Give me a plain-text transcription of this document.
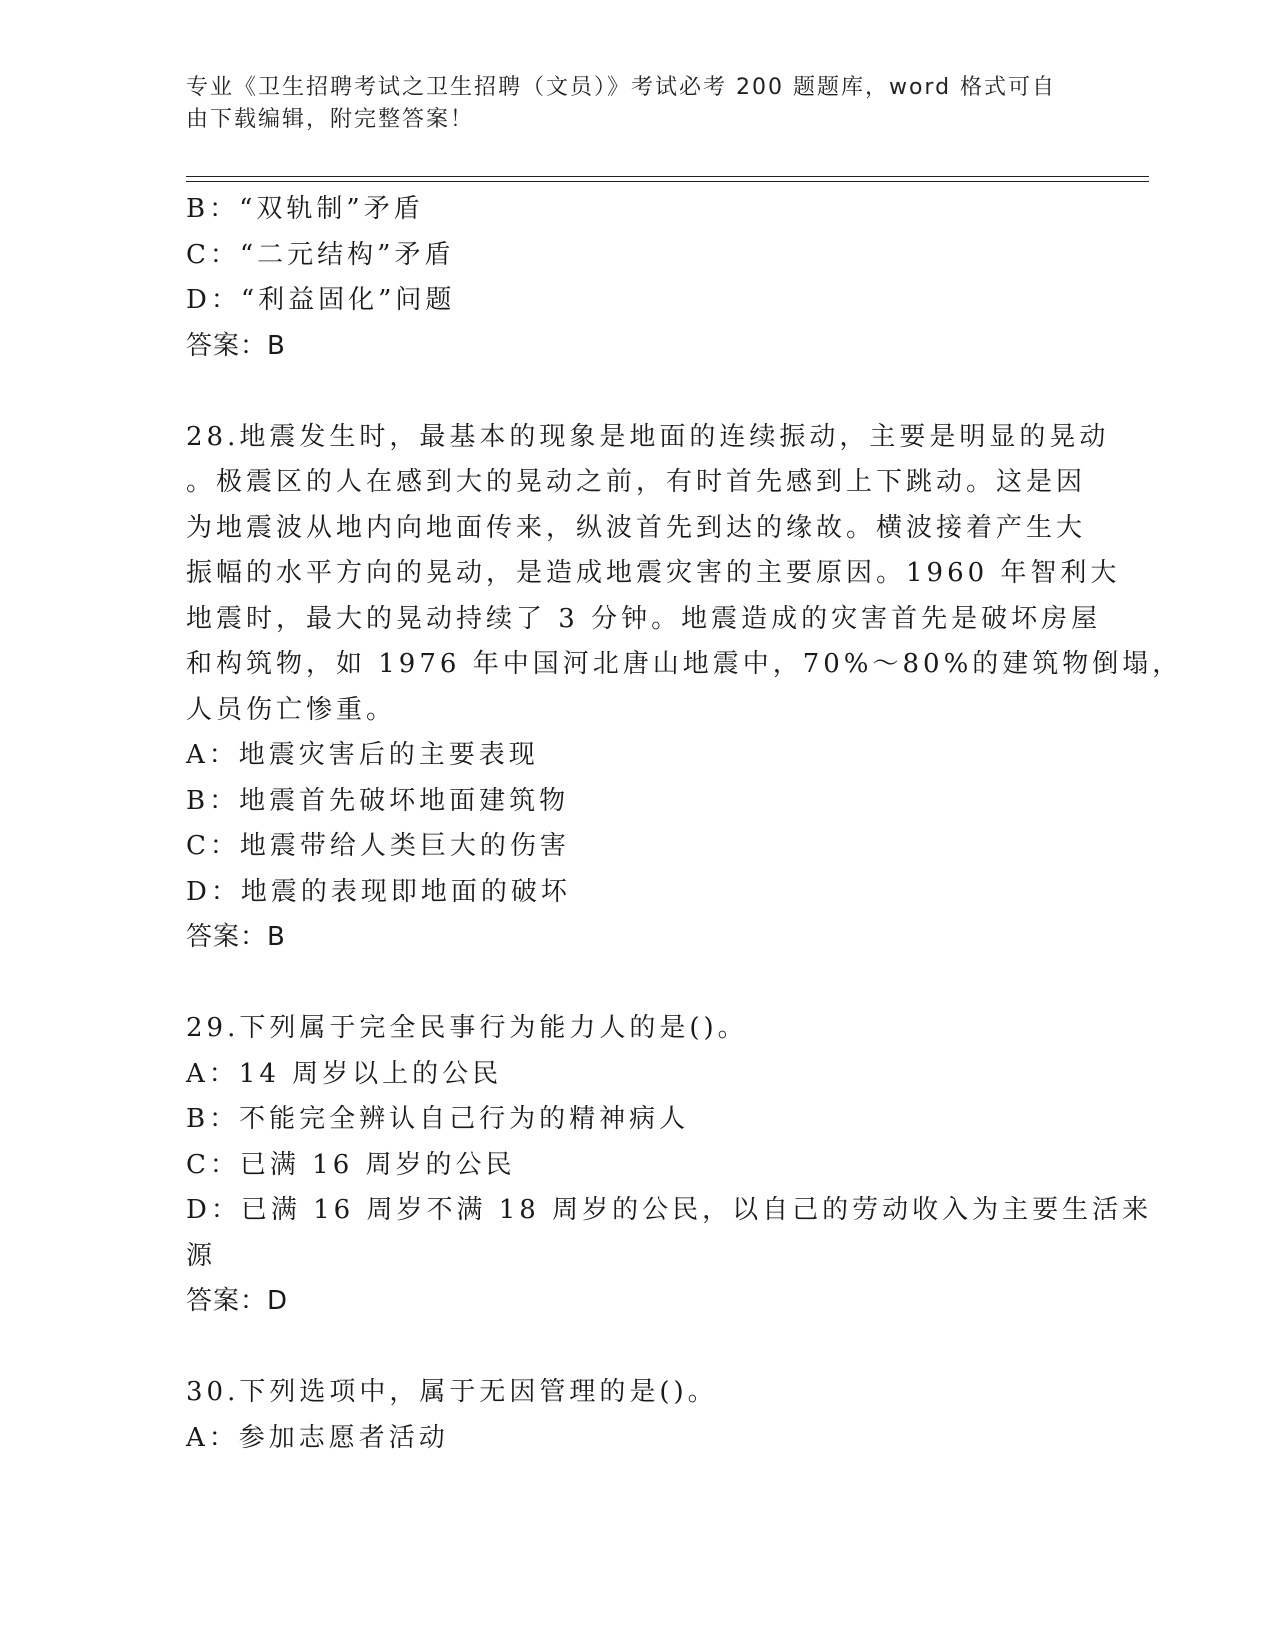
专业《卫生招聘考试之卫生招聘（文员）》考试必考 200 题题库，word 格式可自
由下载编辑，附完整答案！
B：“双轨制”矛盾
C：“二元结构”矛盾
D：“利益固化”问题
答案：B
28.地震发生时，最基本的现象是地面的连续振动，主要是明显的晃动
。极震区的人在感到大的晃动之前，有时首先感到上下跳动。这是因
为地震波从地内向地面传来，纵波首先到达的缘故。横波接着产生大
振幅的水平方向的晃动，是造成地震灾害的主要原因。1960 年智利大
地震时，最大的晃动持续了 3 分钟。地震造成的灾害首先是破坏房屋
和构筑物，如 1976 年中国河北唐山地震中，70%～80%的建筑物倒塌，
人员伤亡惨重。
A：地震灾害后的主要表现
B：地震首先破坏地面建筑物
C：地震带给人类巨大的伤害
D：地震的表现即地面的破坏
答案：B
29.下列属于完全民事行为能力人的是()。
A：14 周岁以上的公民
B：不能完全辨认自己行为的精神病人
C：已满 16 周岁的公民
D：已满 16 周岁不满 18 周岁的公民，以自己的劳动收入为主要生活来
源
答案：D
30.下列选项中，属于无因管理的是()。
A：参加志愿者活动
